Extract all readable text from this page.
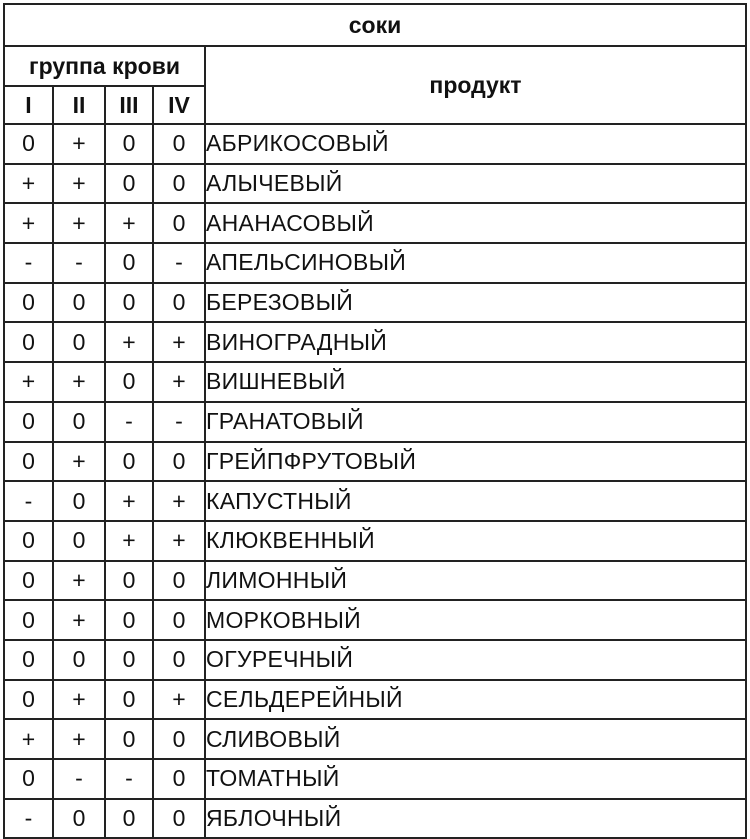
соки				
группа крови				продукт
I	II	III	IV	
0	+	0	0	АБРИКОСОВЫЙ
+	+	0	0	АЛЫЧЕВЫЙ
+	+	+	0	АНАНАСОВЫЙ
-	-	0	-	АПЕЛЬСИНОВЫЙ
0	0	0	0	БЕРЕЗОВЫЙ
0	0	+	+	ВИНОГРАДНЫЙ
+	+	0	+	ВИШНЕВЫЙ
0	0	-	-	ГРАНАТОВЫЙ
0	+	0	0	ГРЕЙПФРУТОВЫЙ
-	0	+	+	КАПУСТНЫЙ
0	0	+	+	КЛЮКВЕННЫЙ
0	+	0	0	ЛИМОННЫЙ
0	+	0	0	МОРКОВНЫЙ
0	0	0	0	ОГУРЕЧНЫЙ
0	+	0	+	СЕЛЬДЕРЕЙНЫЙ
+	+	0	0	СЛИВОВЫЙ
0	-	-	0	ТОМАТНЫЙ
-	0	0	0	ЯБЛОЧНЫЙ
